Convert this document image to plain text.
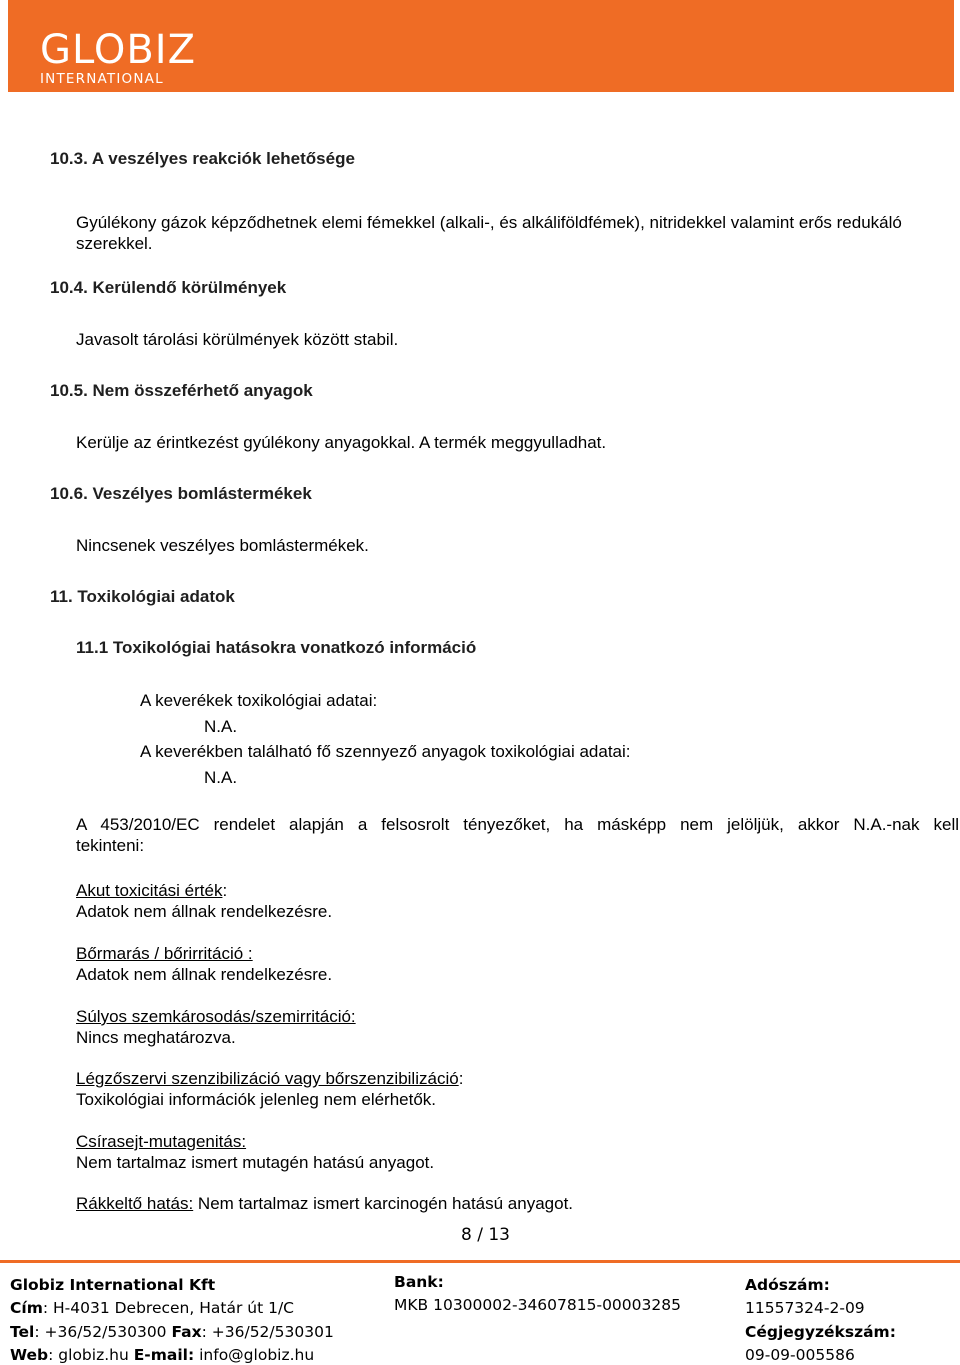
GLOBIZ
INTERNATIONAL
10.3. A veszélyes reakciók lehetősége
Gyúlékony gázok képződhetnek elemi fémekkel (alkali-, és alkáliföldfémek), nitridekkel valamint erős redukáló
szerekkel.
10.4. Kerülendő körülmények
Javasolt tárolási körülmények között stabil.
10.5. Nem összeférhető anyagok
Kerülje az érintkezést gyúlékony anyagokkal. A termék meggyulladhat.
10.6. Veszélyes bomlástermékek
Nincsenek veszélyes bomlástermékek.
11. Toxikológiai adatok
11.1 Toxikológiai hatásokra vonatkozó információ
A keverékek toxikológiai adatai:
N.A.
A keverékben található fő szennyező anyagok toxikológiai adatai:
N.A.
A 453/2010/EC rendelet alapján a felsosrolt tényezőket, ha másképp nem jelöljük, akkor N.A.-nak kell
tekinteni:
Akut toxicitási érték:
Adatok nem állnak rendelkezésre.
Bőrmarás / bőrirritáció :
Adatok nem állnak rendelkezésre.
Súlyos szemkárosodás/szemirritáció:
Nincs meghatározva.
Légzőszervi szenzibilizáció vagy bőrszenzibilizáció:
Toxikológiai információk jelenleg nem elérhetők.
Csírasejt-mutagenitás:
Nem tartalmaz ismert mutagén hatású anyagot.
Rákkeltő hatás: Nem tartalmaz ismert karcinogén hatású anyagot.
8 / 13
Globiz International Kft
Cím: H-4031 Debrecen, Határ út 1/C
Tel: +36/52/530300 Fax: +36/52/530301
Web: globiz.hu E-mail: info@globiz.hu
Bank:
MKB 10300002-34607815-00003285
Adószám:
11557324-2-09
Cégjegyzékszám:
09-09-005586
